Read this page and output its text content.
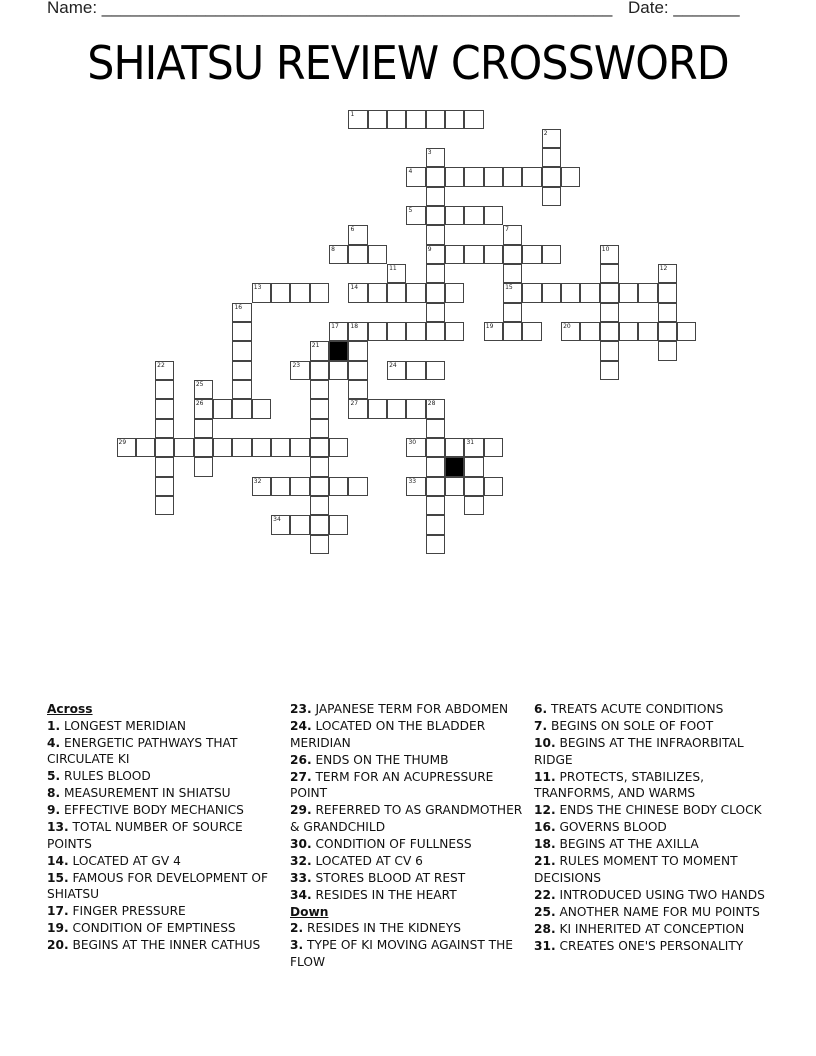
Name: ______________________________________________________ Date: _______
SHIATSU REVIEW CROSSWORD
1
2
3
9
4
5
6	7
15
8	10
11	12
13	14
16
17 18
27
19	20
21
22	23	24
25
26	28
29	30	31
32	33
34
Across
1. LONGEST MERIDIAN
4. ENERGETIC PATHWAYS THAT CIRCULATE KI
5. RULES BLOOD
8. MEASUREMENT IN SHIATSU
9. EFFECTIVE BODY MECHANICS
13. TOTAL NUMBER OF SOURCE POINTS
14. LOCATED AT GV 4
15. FAMOUS FOR DEVELOPMENT OF SHIATSU
17. FINGER PRESSURE
19. CONDITION OF EMPTINESS
20. BEGINS AT THE INNER CATHUS
23. JAPANESE TERM FOR ABDOMEN
24. LOCATED ON THE BLADDER MERIDIAN
26. ENDS ON THE THUMB
27. TERM FOR AN ACUPRESSURE POINT
29. REFERRED TO AS GRANDMOTHER & GRANDCHILD
30. CONDITION OF FULLNESS
32. LOCATED AT CV 6
33. STORES BLOOD AT REST
34. RESIDES IN THE HEART
Down
2. RESIDES IN THE KIDNEYS
3. TYPE OF KI MOVING AGAINST THE FLOW
6. TREATS ACUTE CONDITIONS
7. BEGINS ON SOLE OF FOOT
10. BEGINS AT THE INFRAORBITAL RIDGE
11. PROTECTS, STABILIZES, TRANFORMS, AND WARMS
12. ENDS THE CHINESE BODY CLOCK
16. GOVERNS BLOOD
18. BEGINS AT THE AXILLA
21. RULES MOMENT TO MOMENT DECISIONS
22. INTRODUCED USING TWO HANDS
25. ANOTHER NAME FOR MU POINTS
28. KI INHERITED AT CONCEPTION
31. CREATES ONE'S PERSONALITY
